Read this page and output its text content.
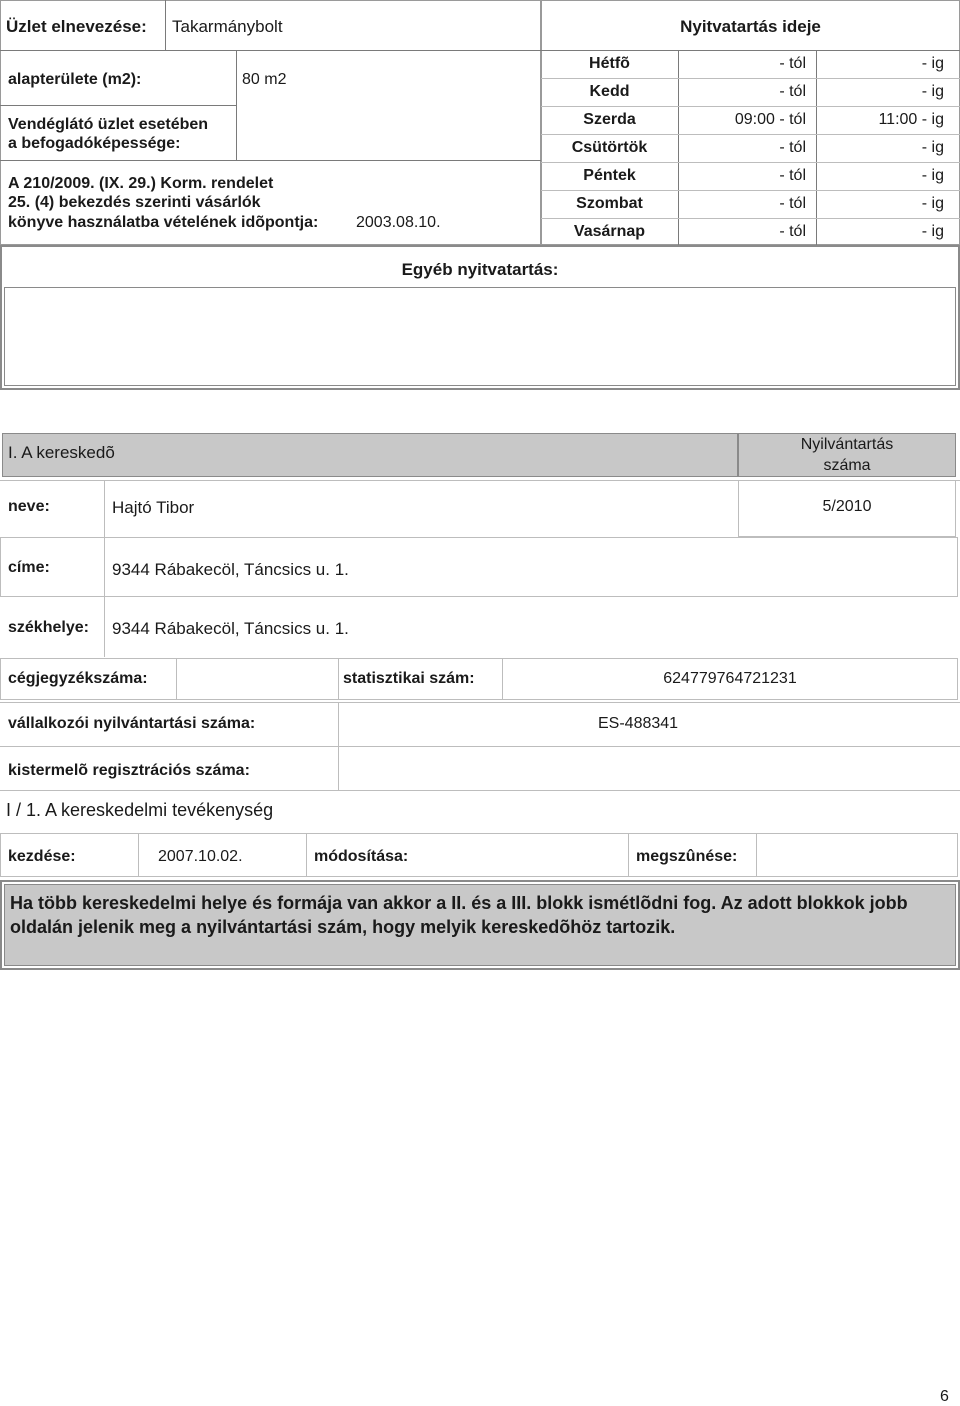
Üzlet elnevezése: Takarmánybolt
alapterülete (m2):	80 m2
Vendéglátó üzlet esetében
a befogadóképessége:
A 210/2009. (IX. 29.) Korm. rendelet
25. (4) bekezdés szerinti vásárlók
könyve használatba vételének idõpontja: 2003.08.10.
Nyitvatartás ideje
Hétfõ	- tól	- ig
Kedd	- tól	- ig
Szerda	09:00 - tól	11:00 - ig
Csütörtök	- tól	- ig
Péntek	- tól	- ig
Szombat	- tól	- ig
Vasárnap	- tól	- ig
Egyéb nyitvatartás:
I. A kereskedõ	Nyilvántartás
száma
neve:	Hajtó Tibor	5/2010
címe:	9344 Rábakecöl, Táncsics u. 1.
székhelye: 9344 Rábakecöl, Táncsics u. 1.
cégjegyzékszáma:	statisztikai szám:	624779764721231
vállalkozói nyilvántartási száma:	ES-488341
kistermelõ regisztrációs száma:
I / 1. A kereskedelmi tevékenység
kezdése:	2007.10.02.	módosítása:	megszûnése:
Ha több kereskedelmi helye és formája van akkor a II. és a III. blokk ismétlõdni fog. Az adott blokkok jobb oldalán jelenik meg a nyilvántartási szám, hogy melyik kereskedõhöz tartozik.
6
